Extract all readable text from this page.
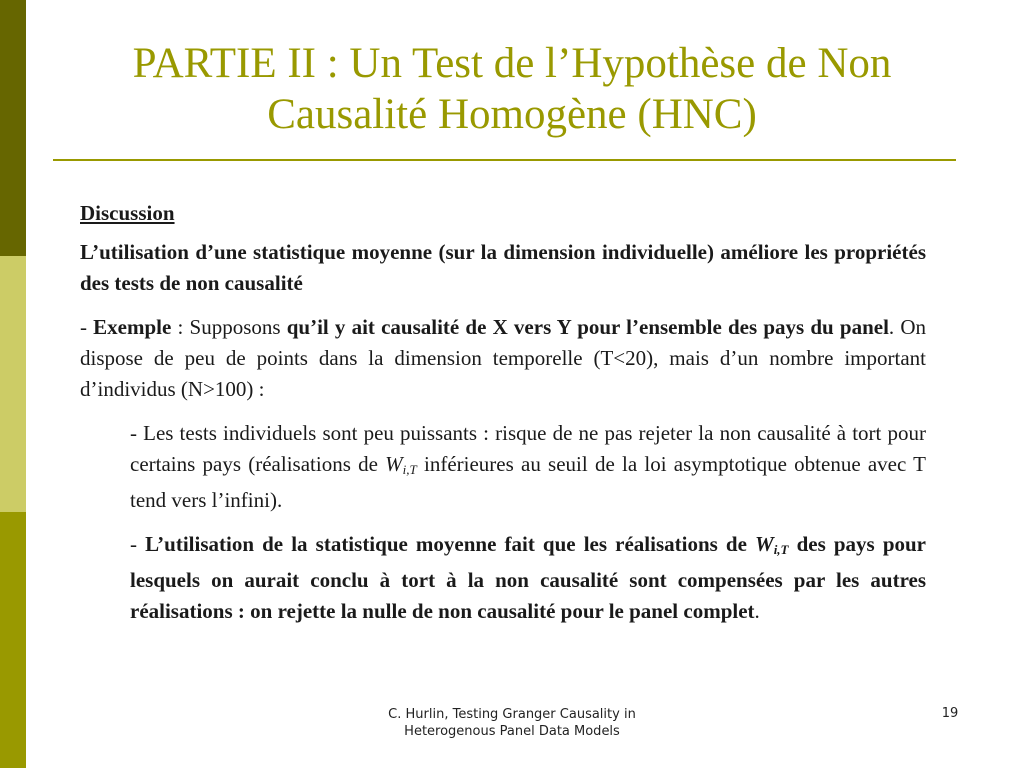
PARTIE II : Un Test de l’Hypothèse de Non
Causalité Homogène (HNC)

Discussion

L’utilisation d’une statistique moyenne (sur la dimension individuelle) améliore les propriétés des tests de non causalité

- Exemple : Supposons qu’il y ait causalité de X vers Y pour l’ensemble des pays du panel. On dispose de peu de points dans la dimension temporelle (T<20), mais d’un nombre important d’individus (N>100) :

- Les tests individuels sont peu puissants : risque de ne pas rejeter la non causalité à tort pour certains pays (réalisations de $W_{i,T}$ inférieures au seuil de la loi asymptotique obtenue avec T tend vers l’infini).

- L’utilisation de la statistique moyenne fait que les réalisations de $W_{i,T}$ des pays pour lesquels on aurait conclu à tort à la non causalité sont compensées par les autres réalisations : on rejette la nulle de non causalité pour le panel complet.

C. Hurlin, Testing Granger Causality in
Heterogenous Panel Data Models
19
